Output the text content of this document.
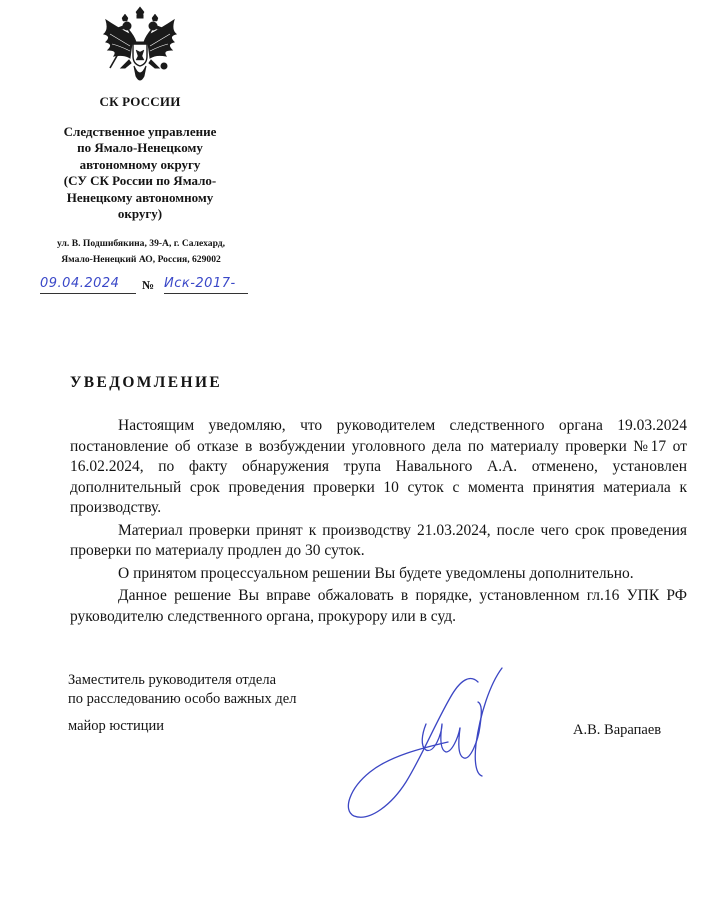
СК РОССИИ
Следственное управление
по Ямало-Ненецкому
автономному округу
(СУ СК России по Ямало-
Ненецкому автономному
округу)
ул. В. Подшибякина, 39-А, г. Салехард,
Ямало-Ненецкий АО, Россия, 629002
09.04.2024	№ Иск-2017-
УВЕДОМЛЕНИЕ

Настоящим уведомляю, что руководителем следственного органа 19.03.2024 постановление об отказе в возбуждении уголовного дела по материалу проверки №17 от 16.02.2024, по факту обнаружения трупа Навального А.А. отменено, установлен дополнительный срок проведения проверки 10 суток с момента принятия материала к производству.

Материал проверки принят к производству 21.03.2024, после чего срок проведения проверки по материалу продлен до 30 суток.

О принятом процессуальном решении Вы будете уведомлены дополнительно.

Данное решение Вы вправе обжаловать в порядке, установленном гл.16 УПК РФ руководителю следственного органа, прокурору или в суд.

Заместитель руководителя отдела
по расследованию особо важных дел
майор юстиции	А.В. Варапаев
